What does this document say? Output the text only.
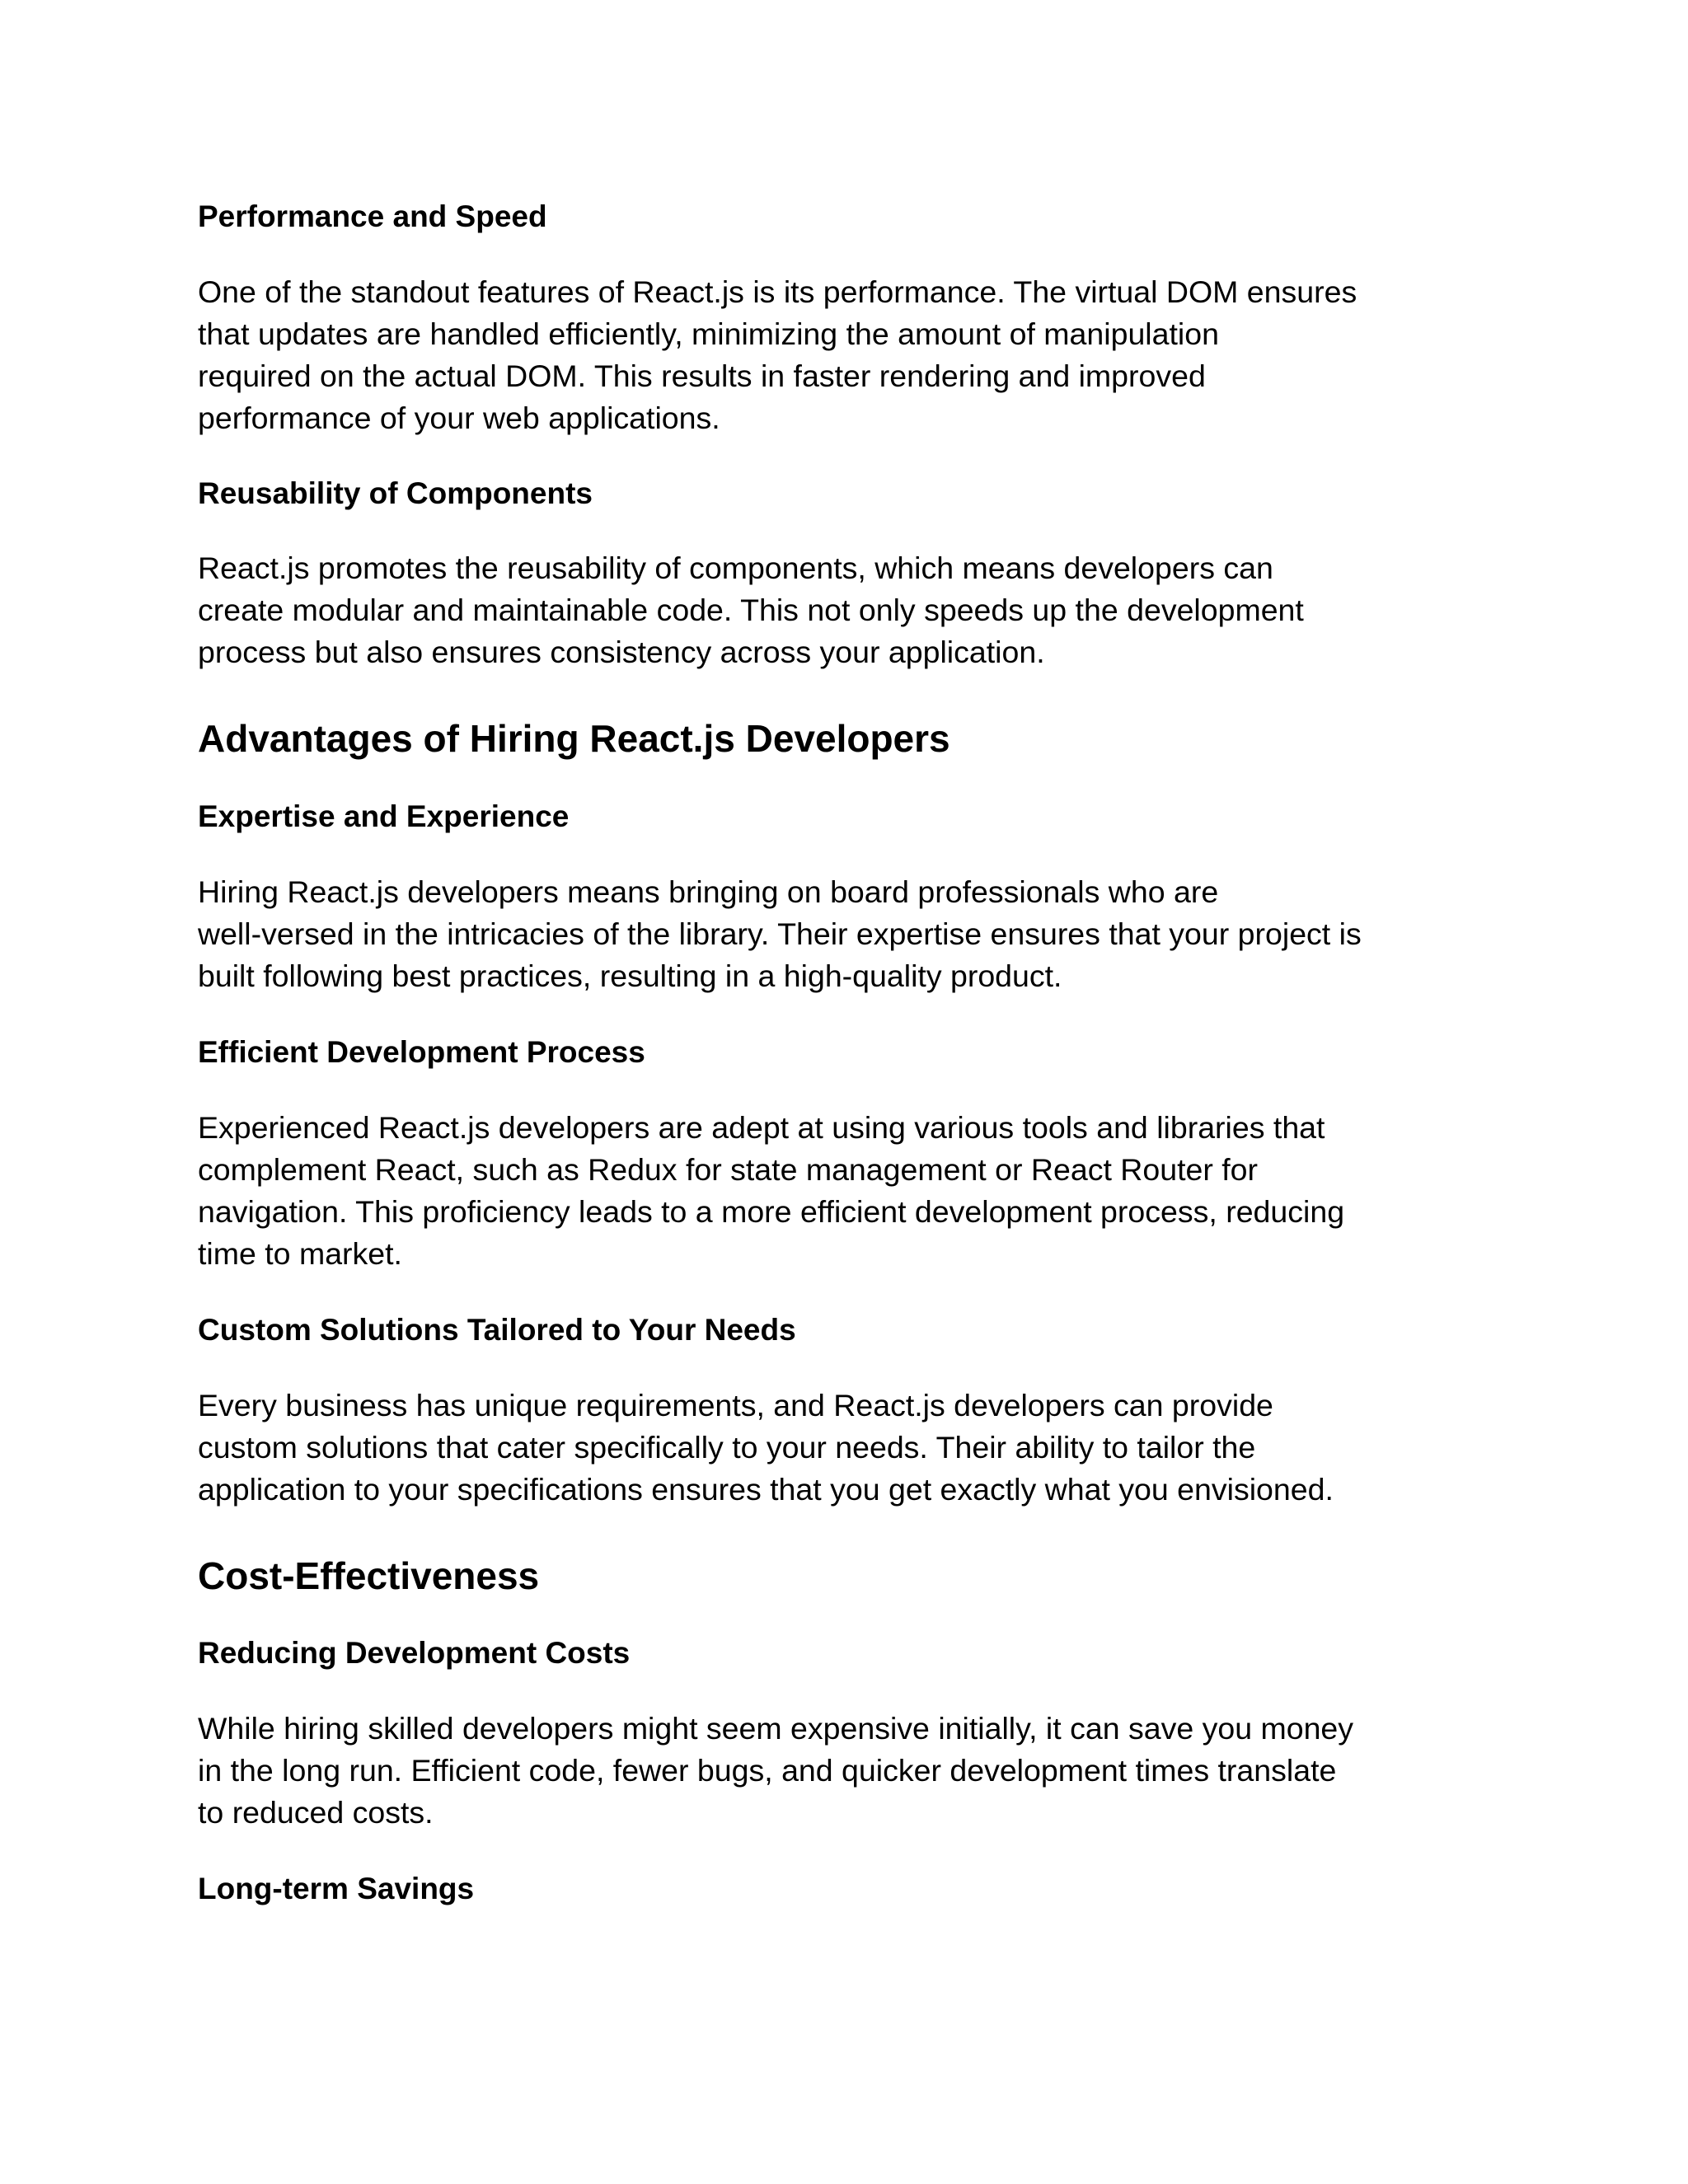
Performance and Speed

One of the standout features of React.js is its performance. The virtual DOM ensures
that updates are handled efficiently, minimizing the amount of manipulation
required on the actual DOM. This results in faster rendering and improved
performance of your web applications.

Reusability of Components

React.js promotes the reusability of components, which means developers can
create modular and maintainable code. This not only speeds up the development
process but also ensures consistency across your application.

Advantages of Hiring React.js Developers
Expertise and Experience

Hiring React.js developers means bringing on board professionals who are
well-versed in the intricacies of the library. Their expertise ensures that your project is
built following best practices, resulting in a high-quality product.

Efficient Development Process

Experienced React.js developers are adept at using various tools and libraries that
complement React, such as Redux for state management or React Router for
navigation. This proficiency leads to a more efficient development process, reducing
time to market.

Custom Solutions Tailored to Your Needs

Every business has unique requirements, and React.js developers can provide
custom solutions that cater specifically to your needs. Their ability to tailor the
application to your specifications ensures that you get exactly what you envisioned.

Cost-Effectiveness
Reducing Development Costs

While hiring skilled developers might seem expensive initially, it can save you money
in the long run. Efficient code, fewer bugs, and quicker development times translate
to reduced costs.

Long-term Savings
